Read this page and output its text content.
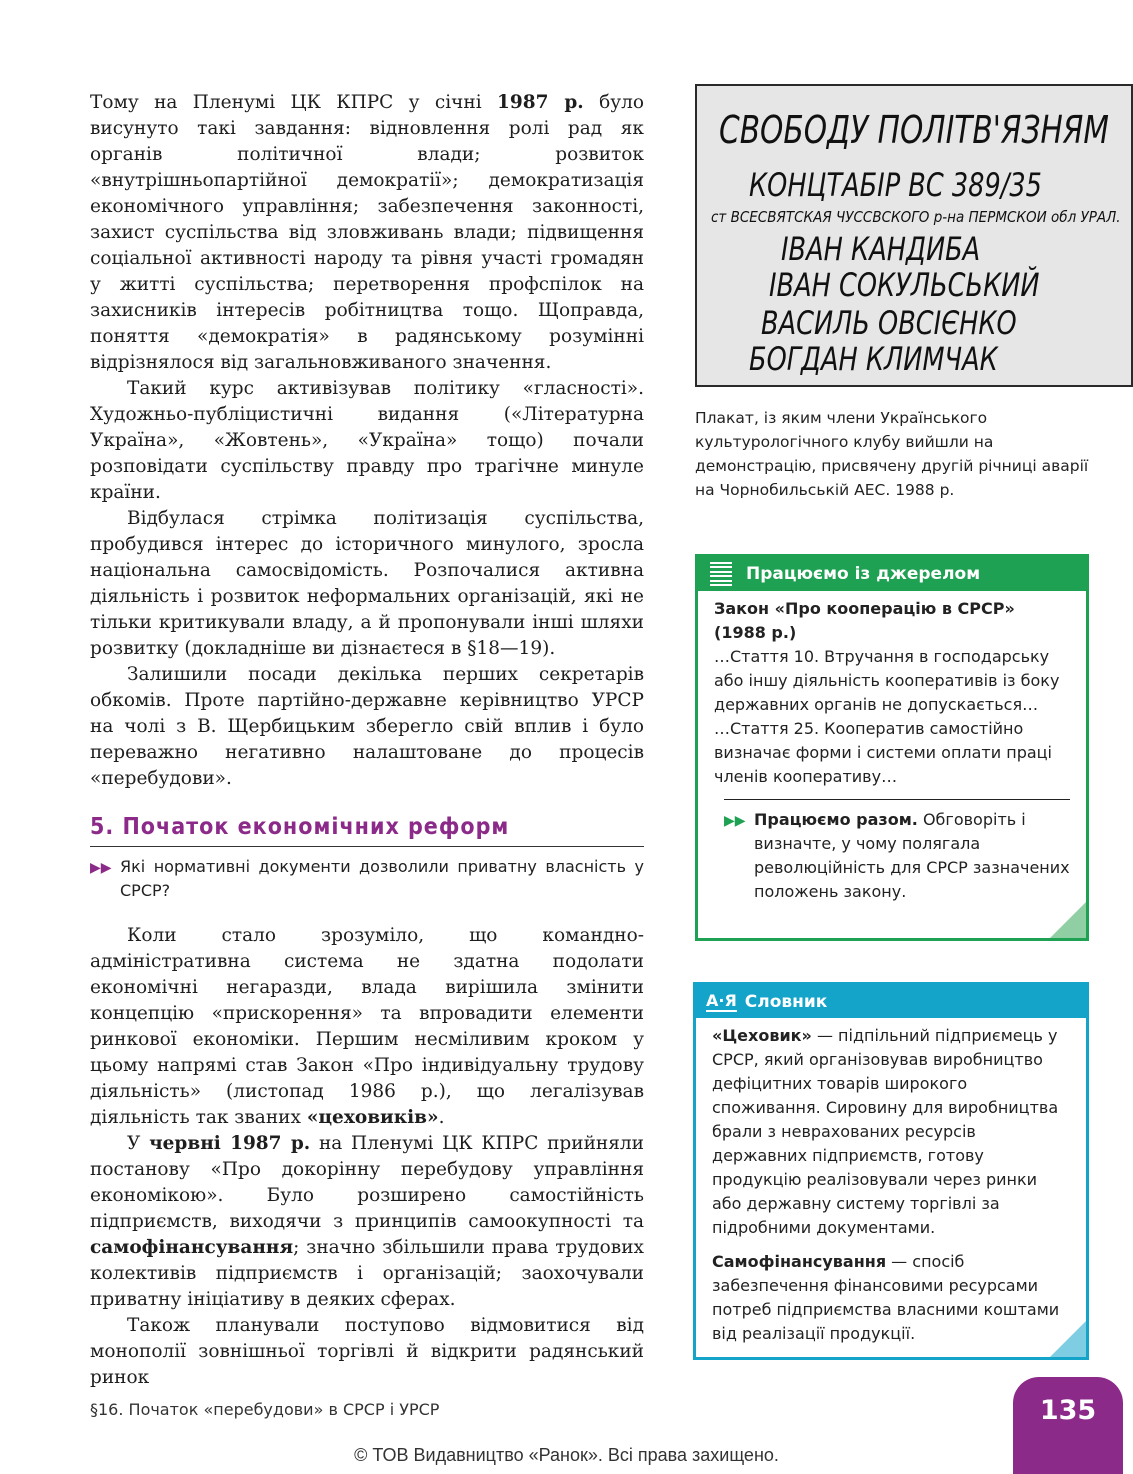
Тому на Пленумі ЦК КПРС у січні 1987 р. було висунуто такі завдання: відновлення ролі рад як органів політичної влади; розвиток «внутрішньопартійної демократії»; демократизація економічного управління; забезпечення законності, захист суспільства від зловживань влади; підвищення соціальної активності народу та рівня участі громадян у житті суспільства; перетворення профспілок на захисників інтересів робітництва тощо. Щоправда, поняття «демократія» в радянському розумінні відрізнялося від загальновживаного значення.

Такий курс активізував політику «гласності». Художньо-публіцистичні видання («Літературна Україна», «Жовтень», «Україна» тощо) почали розповідати суспільству правду про трагічне минуле країни.

Відбулася стрімка політизація суспільства, пробудився інтерес до історичного минулого, зросла національна самосвідомість. Розпочалися активна діяльність і розвиток неформальних організацій, які не тільки критикували владу, а й пропонували інші шляхи розвитку (докладніше ви дізнаєтеся в §18—19).

Залишили посади декілька перших секретарів обкомів. Проте партійно-державне керівництво УРСР на чолі з В. Щербицьким зберегло свій вплив і було переважно негативно налаштоване до процесів «перебудови».

5. Початок економічних реформ
▶▶ Які нормативні документи дозволили приватну власність у СРСР?

Коли стало зрозуміло, що командно-адміністративна система не здатна подолати економічні негаразди, влада вирішила змінити концепцію «прискорення» та впровадити елементи ринкової економіки. Першим несміливим кроком у цьому напрямі став Закон «Про індивідуальну трудову діяльність» (листопад 1986 р.), що легалізував діяльність так званих «цеховиків».

У червні 1987 р. на Пленумі ЦК КПРС прийняли постанову «Про докорінну перебудову управління економікою». Було розширено самостійність підприємств, виходячи з принципів самоокупності та самофінансування; значно збільшили права трудових колективів підприємств і організацій; заохочували приватну ініціативу в деяких сферах.

Також планували поступово відмовитися від монополії зовнішньої торгівлі й відкрити радянський ринок

СВОБОДУ ПОЛІТВ'ЯЗНЯМ
КОНЦТАБІР ВС 389/35
ст ВСЕСВЯТСКАЯ ЧУССВСКОГО р-на ПЕРМСКОИ обл УРАЛ.
ІВАН КАНДИБА
ІВАН СОКУЛЬСЬКИЙ
ВАСИЛЬ ОВСІЄНКО
БОГДАН КЛИМЧАК
Плакат, із яким члени Українського культурологічного клубу вийшли на демонстрацію, присвячену другій річниці аварії на Чорнобильській АЕС. 1988 р.
Працюємо із джерелом
Закон «Про кооперацію в СРСР» (1988 р.)
…Стаття 10. Втручання в господарську або іншу діяльність кооперативів із боку державних органів не допускається…
…Стаття 25. Кооператив самостійно визначає форми і системи оплати праці членів кооперативу…
▶▶ Працюємо разом. Обговоріть і визначте, у чому полягала революційність для СРСР зазначених положень закону.
А·Я Словник

«Цеховик» — підпільний підприємець у СРСР, який організовував виробництво дефіцитних товарів широкого споживання. Сировину для виробництва брали з неврахованих ресурсів державних підприємств, готову продукцію реалізовували через ринки або державну систему торгівлі за підробними документами.

Самофінансування — спосіб забезпечення фінансовими ресурсами потреб підприємства власними коштами від реалізації продукції.

§16. Початок «перебудови» в СРСР і УРСР	135
© ТОВ Видавництво «Ранок». Всі права захищено.
